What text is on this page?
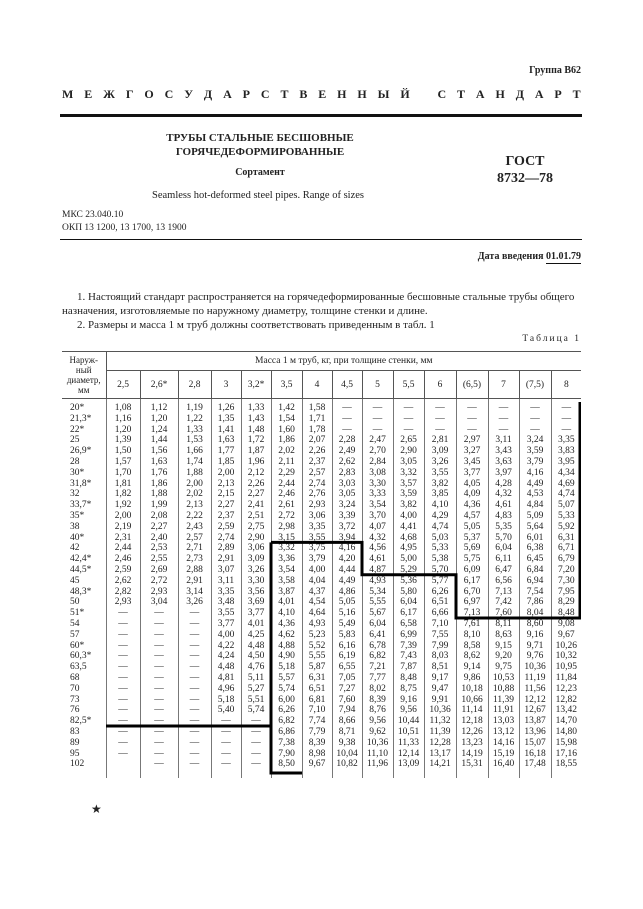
Группа В62
М Е Ж Г О С У Д А Р С Т В Е Н Н Ы Й
С Т А Н Д А Р Т
ТРУБЫ СТАЛЬНЫЕ БЕСШОВНЫЕ
ГОРЯЧЕДЕФОРМИРОВАННЫЕ
Сортамент
ГОСТ
8732—78
Seamless hot-deformed steel pipes. Range of sizes
МКС 23.040.10
ОКП 13 1200, 13 1700, 13 1900
Дата введения 01.01.79

1. Настоящий стандарт распространяется на горячедеформированные бесшовные стальные трубы общего назначения, изготовляемые по наружному диаметру, толщине стенки и длине.

2. Размеры и масса 1 м труб должны соответствовать приведенным в табл. 1

Таблица 1
Наруж-ный диаметр, мм	Масса 1 м труб, кг, при толщине стенки, мм														
	2,5	2,6*	2,8	3	3,2*	3,5	4	4,5	5	5,5	6	(6,5)	7	(7,5)	8

20*	1,08	1,12	1,19	1,26	1,33	1,42	1,58	—	—	—	—	—	—	—	—
21,3*	1,16	1,20	1,22	1,35	1,43	1,54	1,71	—	—	—	—	—	—	—	—
22*	1,20	1,24	1,33	1,41	1,48	1,60	1,78	—	—	—	—	—	—	—	—
25	1,39	1,44	1,53	1,63	1,72	1,86	2,07	2,28	2,47	2,65	2,81	2,97	3,11	3,24	3,35
26,9*	1,50	1,56	1,66	1,77	1,87	2,02	2,26	2,49	2,70	2,90	3,09	3,27	3,43	3,59	3,83
28	1,57	1,63	1,74	1,85	1,96	2,11	2,37	2,62	2,84	3,05	3,26	3,45	3,63	3,79	3,95
30*	1,70	1,76	1,88	2,00	2,12	2,29	2,57	2,83	3,08	3,32	3,55	3,77	3,97	4,16	4,34
31,8*	1,81	1,86	2,00	2,13	2,26	2,44	2,74	3,03	3,30	3,57	3,82	4,05	4,28	4,49	4,69
32	1,82	1,88	2,02	2,15	2,27	2,46	2,76	3,05	3,33	3,59	3,85	4,09	4,32	4,53	4,74
33,7*	1,92	1,99	2,13	2,27	2,41	2,61	2,93	3,24	3,54	3,82	4,10	4,36	4,61	4,84	5,07
35*	2,00	2,08	2,22	2,37	2,51	2,72	3,06	3,39	3,70	4,00	4,29	4,57	4,83	5,09	5,33
38	2,19	2,27	2,43	2,59	2,75	2,98	3,35	3,72	4,07	4,41	4,74	5,05	5,35	5,64	5,92
40*	2,31	2,40	2,57	2,74	2,90	3,15	3,55	3,94	4,32	4,68	5,03	5,37	5,70	6,01	6,31
42	2,44	2,53	2,71	2,89	3,06	3,32	3,75	4,16	4,56	4,95	5,33	5,69	6,04	6,38	6,71
42,4*	2,46	2,55	2,73	2,91	3,09	3,36	3,79	4,20	4,61	5,00	5,38	5,75	6,11	6,45	6,79
44,5*	2,59	2,69	2,88	3,07	3,26	3,54	4,00	4,44	4,87	5,29	5,70	6,09	6,47	6,84	7,20
45	2,62	2,72	2,91	3,11	3,30	3,58	4,04	4,49	4,93	5,36	5,77	6,17	6,56	6,94	7,30
48,3*	2,82	2,93	3,14	3,35	3,56	3,87	4,37	4,86	5,34	5,80	6,26	6,70	7,13	7,54	7,95
50	2,93	3,04	3,26	3,48	3,69	4,01	4,54	5,05	5,55	6,04	6,51	6,97	7,42	7,86	8,29
51*	—	—	—	3,55	3,77	4,10	4,64	5,16	5,67	6,17	6,66	7,13	7,60	8,04	8,48
54	—	—	—	3,77	4,01	4,36	4,93	5,49	6,04	6,58	7,10	7,61	8,11	8,60	9,08
57	—	—	—	4,00	4,25	4,62	5,23	5,83	6,41	6,99	7,55	8,10	8,63	9,16	9,67
60*	—	—	—	4,22	4,48	4,88	5,52	6,16	6,78	7,39	7,99	8,58	9,15	9,71	10,26
60,3*	—	—	—	4,24	4,50	4,90	5,55	6,19	6,82	7,43	8,03	8,62	9,20	9,76	10,32
63,5	—	—	—	4,48	4,76	5,18	5,87	6,55	7,21	7,87	8,51	9,14	9,75	10,36	10,95
68	—	—	—	4,81	5,11	5,57	6,31	7,05	7,77	8,48	9,17	9,86	10,53	11,19	11,84
70	—	—	—	4,96	5,27	5,74	6,51	7,27	8,02	8,75	9,47	10,18	10,88	11,56	12,23
73	—	—	—	5,18	5,51	6,00	6,81	7,60	8,39	9,16	9,91	10,66	11,39	12,12	12,82
76	—	—	—	5,40	5,74	6,26	7,10	7,94	8,76	9,56	10,36	11,14	11,91	12,67	13,42
82,5*	—	—	—	—	—	6,82	7,74	8,66	9,56	10,44	11,32	12,18	13,03	13,87	14,70
83	—	—	—	—	—	6,86	7,79	8,71	9,62	10,51	11,39	12,26	13,12	13,96	14,80
89	—	—	—	—	—	7,38	8,39	9,38	10,36	11,33	12,28	13,23	14,16	15,07	15,98
95	—	—	—	—	—	7,90	8,98	10,04	11,10	12,14	13,17	14,19	15,19	16,18	17,16
102		—	—	—	—	8,50	9,67	10,82	11,96	13,09	14,21	15,31	16,40	17,48	18,55

★
